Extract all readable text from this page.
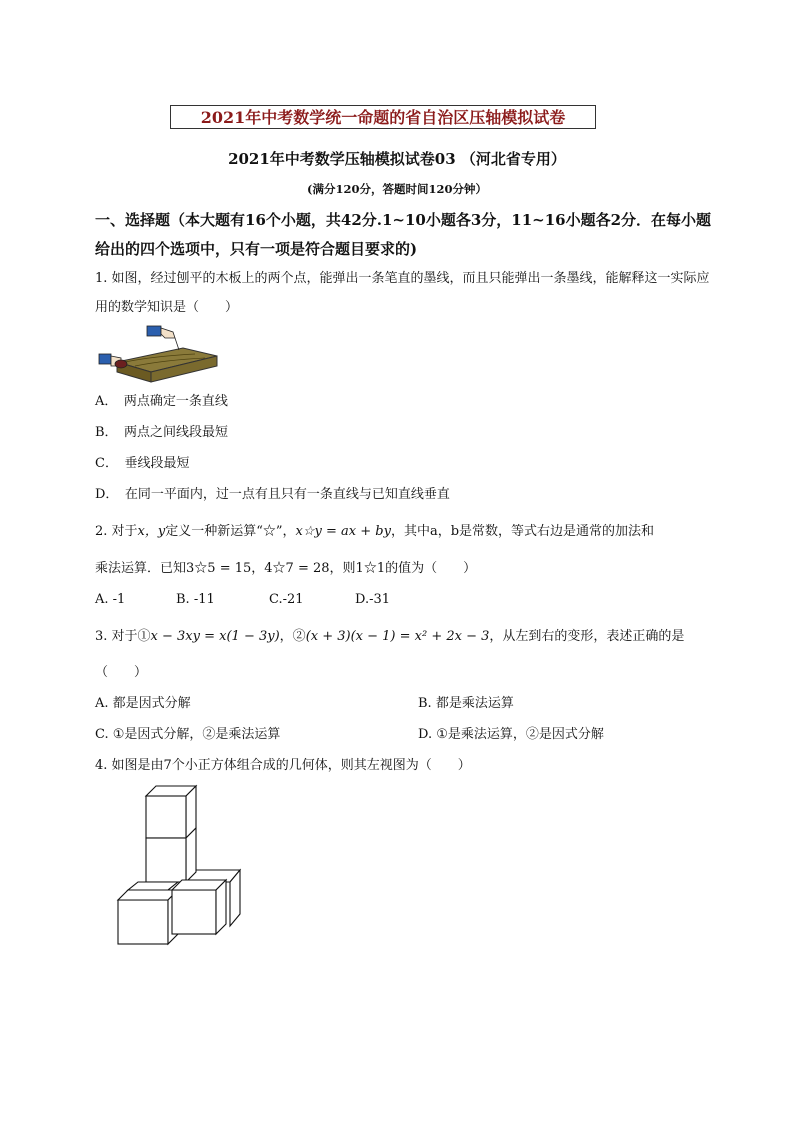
2021年中考数学统一命题的省自治区压轴模拟试卷
2021年中考数学压轴模拟试卷03 （河北省专用）
(满分120分，答题时间120分钟）
一、选择题（本大题有16个小题，共42分.1~10小题各3分，11~16小题各2分．在每小题给出的四个选项中，只有一项是符合题目要求的)
1. 如图，经过刨平的木板上的两个点，能弹出一条笔直的墨线，而且只能弹出一条墨线，能解释这一实际应用的数学知识是（　　）
A．　两点确定一条直线
B．　两点之间线段最短
C．　垂线段最短
D．　在同一平面内，过一点有且只有一条直线与已知直线垂直
2. 对于x，y定义一种新运算“☆”，x☆y = ax + by，其中a，b是常数，等式右边是通常的加法和
乘法运算．已知3☆5 = 15，4☆7 = 28，则1☆1的值为（　　）
A. -1	B. -11	C.-21	D.-31
3. 对于①x − 3xy = x(1 − 3y)，②(x + 3)(x − 1) = x² + 2x − 3，从左到右的变形，表述正确的是
（　　）
A. 都是因式分解	B. 都是乘法运算
C. ①是因式分解，②是乘法运算	D. ①是乘法运算，②是因式分解
4. 如图是由7个小正方体组合成的几何体，则其左视图为（　　）
